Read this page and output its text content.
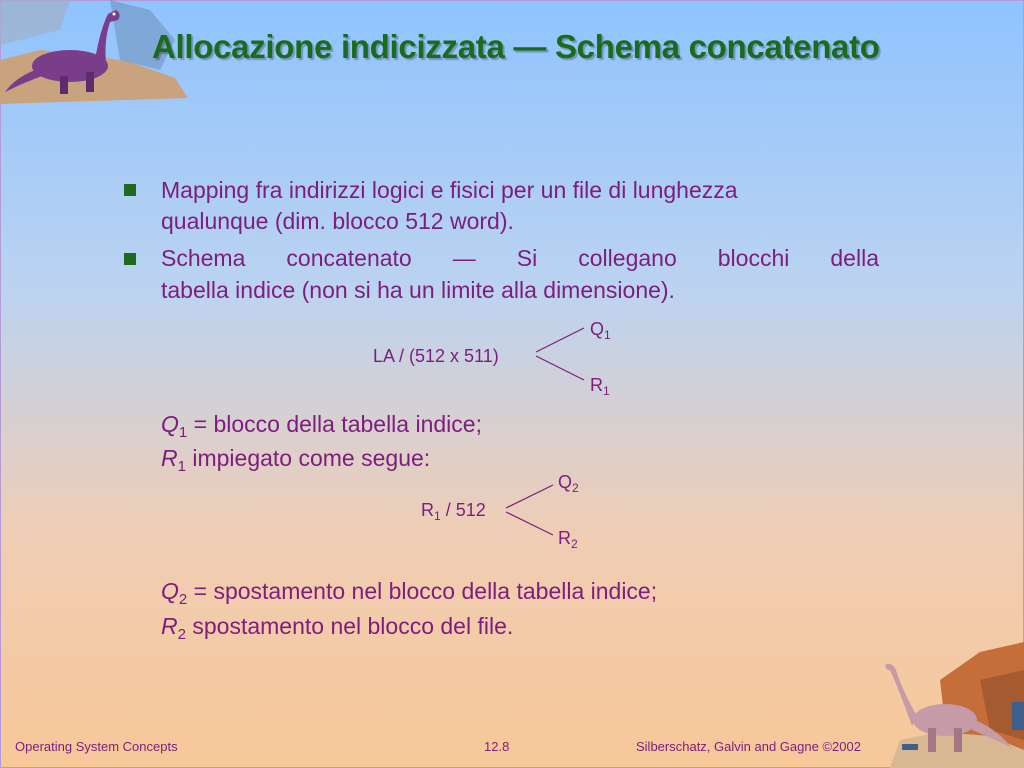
Allocazione indicizzata — Schema concatenato
Mapping fra indirizzi logici e fisici per un file di lunghezza
qualunque (dim. blocco 512 word).
Schema concatenato — Si collegano blocchi della
tabella indice (non si ha un limite alla dimensione).
LA / (512 x 511)
$Q_1$
$R_1$
$Q_1$ = blocco della tabella indice;
$R_1$ impiegato come segue:
$R_1 / 512$
$Q_2$
$R_2$
$Q_2$ = spostamento nel blocco della tabella indice;
$R_2$ spostamento nel blocco del file.
Operating System Concepts	12.8	Silberschatz, Galvin and Gagne ©2002
